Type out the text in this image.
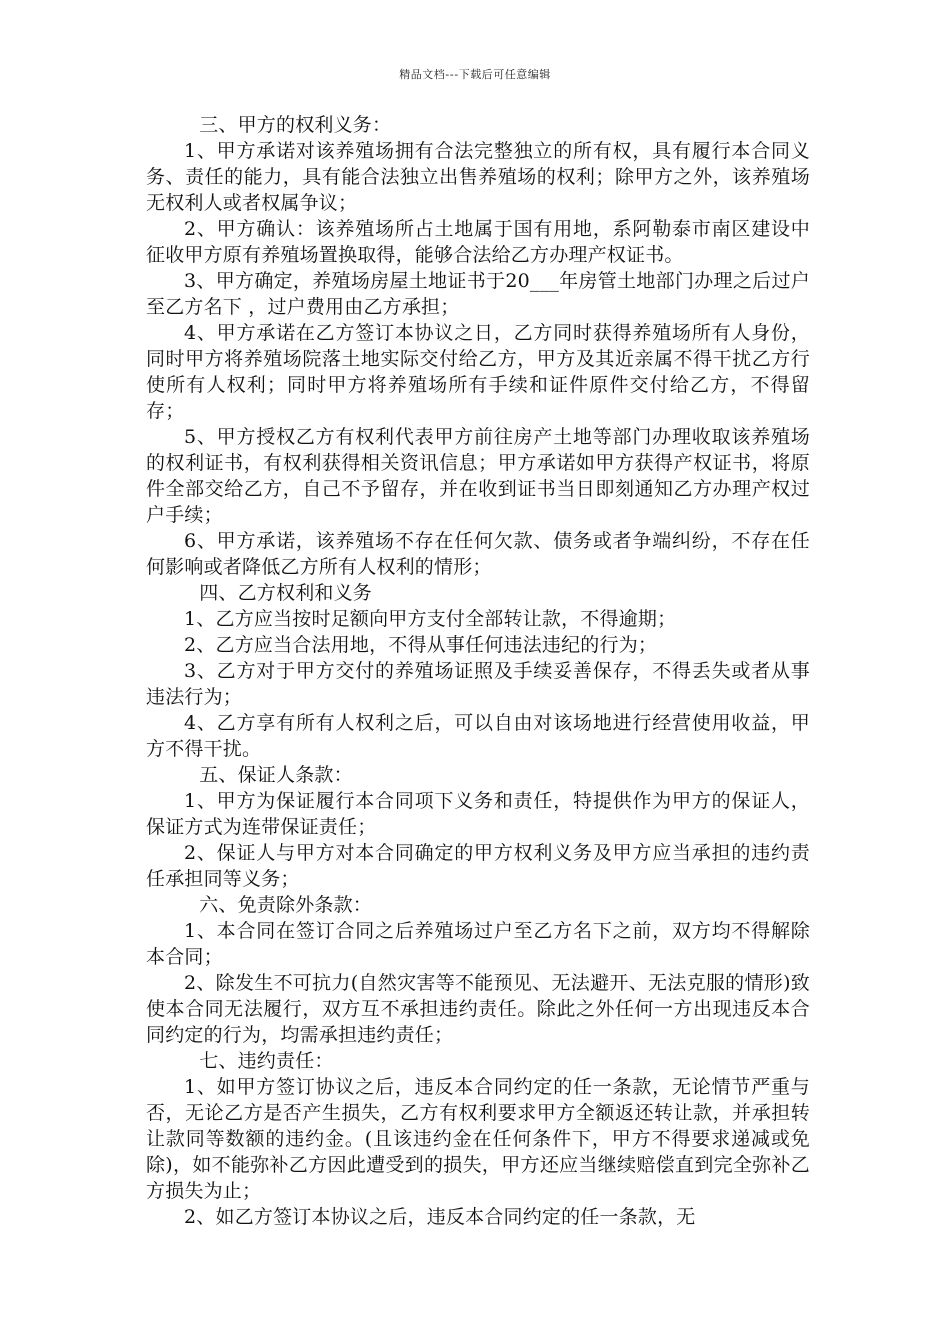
精品文档---下载后可任意编辑

三、甲方的权利义务：

1、甲方承诺对该养殖场拥有合法完整独立的所有权，具有履行本合同义务、责任的能力，具有能合法独立出售养殖场的权利；除甲方之外，该养殖场无权利人或者权属争议；

2、甲方确认：该养殖场所占土地属于国有用地，系阿勒泰市南区建设中征收甲方原有养殖场置换取得，能够合法给乙方办理产权证书。

3、甲方确定，养殖场房屋土地证书于20___年房管土地部门办理之后过户至乙方名下 ，过户费用由乙方承担；

4、甲方承诺在乙方签订本协议之日，乙方同时获得养殖场所有人身份，同时甲方将养殖场院落土地实际交付给乙方，甲方及其近亲属不得干扰乙方行使所有人权利；同时甲方将养殖场所有手续和证件原件交付给乙方，不得留存；

5、甲方授权乙方有权利代表甲方前往房产土地等部门办理收取该养殖场的权利证书，有权利获得相关资讯信息；甲方承诺如甲方获得产权证书，将原件全部交给乙方，自己不予留存，并在收到证书当日即刻通知乙方办理产权过户手续；

6、甲方承诺，该养殖场不存在任何欠款、债务或者争端纠纷，不存在任何影响或者降低乙方所有人权利的情形；

四、乙方权利和义务

1、乙方应当按时足额向甲方支付全部转让款，不得逾期；

2、乙方应当合法用地，不得从事任何违法违纪的行为；

3、乙方对于甲方交付的养殖场证照及手续妥善保存，不得丢失或者从事违法行为；

4、乙方享有所有人权利之后，可以自由对该场地进行经营使用收益，甲方不得干扰。

五、保证人条款：

1、甲方为保证履行本合同项下义务和责任，特提供作为甲方的保证人，保证方式为连带保证责任；

2、保证人与甲方对本合同确定的甲方权利义务及甲方应当承担的违约责任承担同等义务；

六、免责除外条款：

1、本合同在签订合同之后养殖场过户至乙方名下之前，双方均不得解除本合同；

2、除发生不可抗力(自然灾害等不能预见、无法避开、无法克服的情形)致使本合同无法履行，双方互不承担违约责任。除此之外任何一方出现违反本合同约定的行为，均需承担违约责任；

七、违约责任：

1、如甲方签订协议之后，违反本合同约定的任一条款，无论情节严重与否，无论乙方是否产生损失，乙方有权利要求甲方全额返还转让款，并承担转让款同等数额的违约金。(且该违约金在任何条件下，甲方不得要求递减或免除)，如不能弥补乙方因此遭受到的损失，甲方还应当继续赔偿直到完全弥补乙方损失为止；

2、如乙方签订本协议之后，违反本合同约定的任一条款，无
